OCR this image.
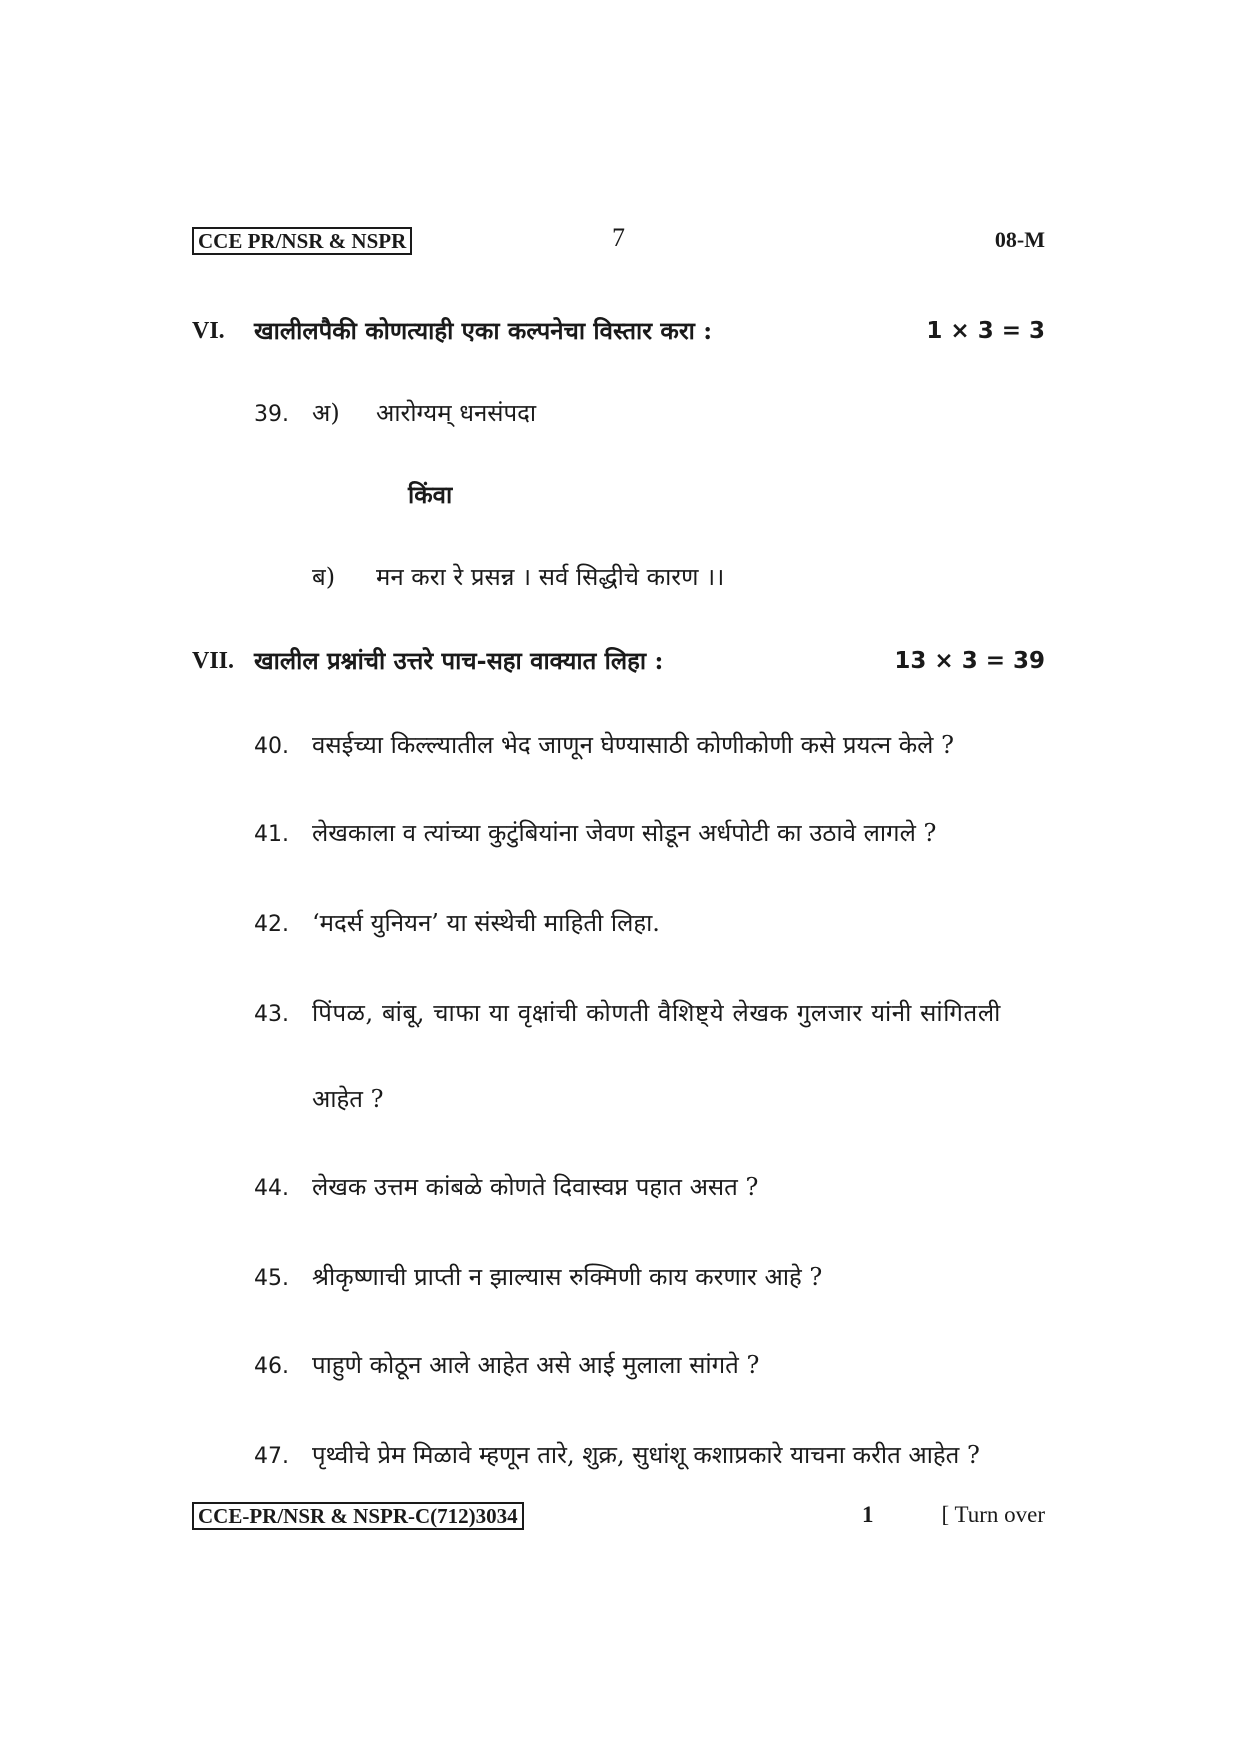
CCE PR/NSR & NSPR	7	08-M
VI. खालीलपैकी कोणत्याही एका कल्पनेचा विस्तार करा :	1 × 3 = 3
39. अ) आरोग्यम् धनसंपदा
किंवा
ब) मन करा रे प्रसन्न । सर्व सिद्धीचे कारण ।।
VII. खालील प्रश्नांची उत्तरे पाच-सहा वाक्यात लिहा :	13 × 3 = 39
40. वसईच्या किल्ल्यातील भेद जाणून घेण्यासाठी कोणीकोणी कसे प्रयत्न केले ?
41. लेखकाला व त्यांच्या कुटुंबियांना जेवण सोडून अर्धपोटी का उठावे लागले ?
42. ‘मदर्स युनियन’ या संस्थेची माहिती लिहा.
43. पिंपळ, बांबू, चाफा या वृक्षांची कोणती वैशिष्ट्ये लेखक गुलजार यांनी सांगितली
आहेत ?
44. लेखक उत्तम कांबळे कोणते दिवास्वप्न पहात असत ?
45. श्रीकृष्णाची प्राप्ती न झाल्यास रुक्मिणी काय करणार आहे ?
46. पाहुणे कोठून आले आहेत असे आई मुलाला सांगते ?
47. पृथ्वीचे प्रेम मिळावे म्हणून तारे, शुक्र, सुधांशू कशाप्रकारे याचना करीत आहेत ?
CCE-PR/NSR & NSPR-C(712)3034	1	[ Turn over
